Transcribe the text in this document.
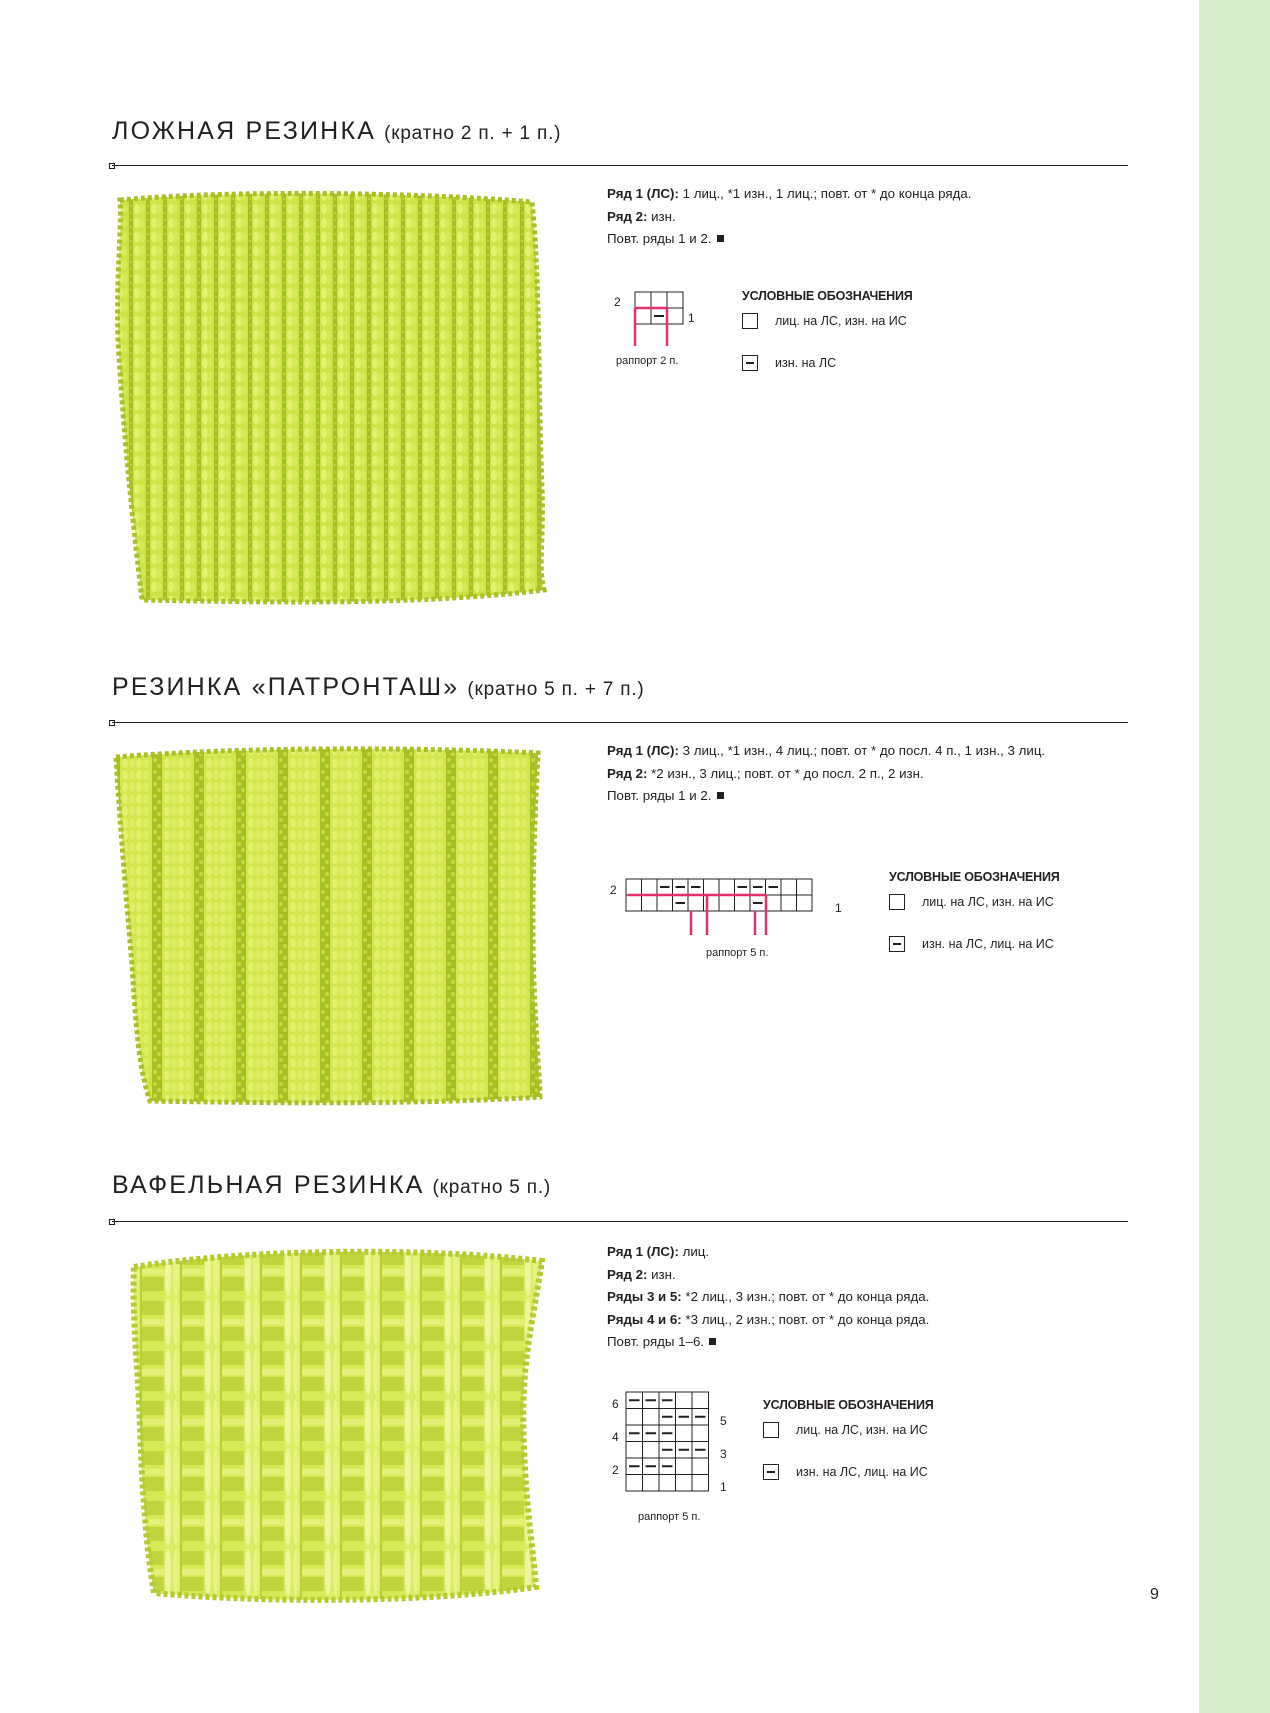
ЛОЖНАЯ РЕЗИНКА (кратно 2 п. + 1 п.)
Ряд 1 (ЛС): 1 лиц., *1 изн., 1 лиц.; повт. от * до конца ряда.
Ряд 2: изн.
Повт. ряды 1 и 2.
2
1
раппорт 2 п.
УСЛОВНЫЕ ОБОЗНАЧЕНИЯ
лиц. на ЛС, изн. на ИС
изн. на ЛС
РЕЗИНКА «ПАТРОНТАШ» (кратно 5 п. + 7 п.)
Ряд 1 (ЛС): 3 лиц., *1 изн., 4 лиц.; повт. от * до посл. 4 п., 1 изн., 3 лиц.
Ряд 2: *2 изн., 3 лиц.; повт. от * до посл. 2 п., 2 изн.
Повт. ряды 1 и 2.
2
1
раппорт 5 п.
УСЛОВНЫЕ ОБОЗНАЧЕНИЯ
лиц. на ЛС, изн. на ИС
изн. на ЛС, лиц. на ИС
ВАФЕЛЬНАЯ РЕЗИНКА (кратно 5 п.)
Ряд 1 (ЛС): лиц.
Ряд 2: изн.
Ряды 3 и 5: *2 лиц., 3 изн.; повт. от * до конца ряда.
Ряды 4 и 6: *3 лиц., 2 изн.; повт. от * до конца ряда.
Повт. ряды 1–6.
6
4
2
5
3
1
раппорт 5 п.
УСЛОВНЫЕ ОБОЗНАЧЕНИЯ
лиц. на ЛС, изн. на ИС
изн. на ЛС, лиц. на ИС
9
